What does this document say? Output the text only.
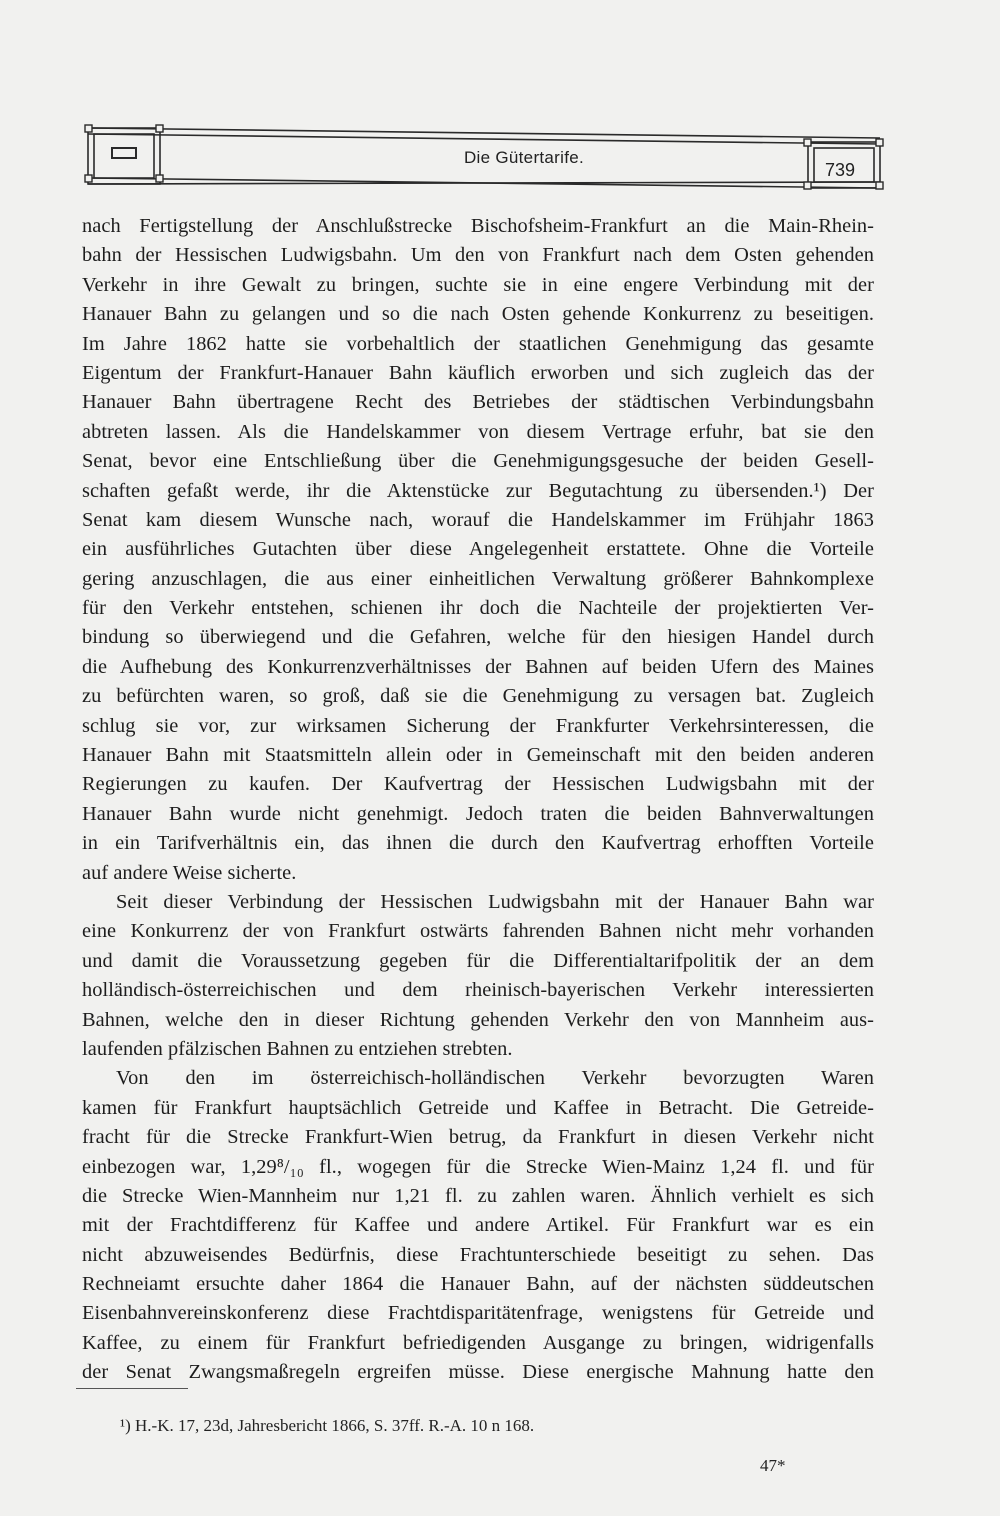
Die Gütertarife.
739
nach Fertigstellung der Anschlußstrecke Bischofsheim-Frankfurt an die Main-Rhein-
bahn der Hessischen Ludwigsbahn. Um den von Frankfurt nach dem Osten gehenden
Verkehr in ihre Gewalt zu bringen, suchte sie in eine engere Verbindung mit der
Hanauer Bahn zu gelangen und so die nach Osten gehende Konkurrenz zu beseitigen.
Im Jahre 1862 hatte sie vorbehaltlich der staatlichen Genehmigung das gesamte
Eigentum der Frankfurt-Hanauer Bahn käuflich erworben und sich zugleich das der
Hanauer Bahn übertragene Recht des Betriebes der städtischen Verbindungsbahn
abtreten lassen. Als die Handelskammer von diesem Vertrage erfuhr, bat sie den
Senat, bevor eine Entschließung über die Genehmigungsgesuche der beiden Gesell-
schaften gefaßt werde, ihr die Aktenstücke zur Begutachtung zu übersenden.¹) Der
Senat kam diesem Wunsche nach, worauf die Handelskammer im Frühjahr 1863
ein ausführliches Gutachten über diese Angelegenheit erstattete. Ohne die Vorteile
gering anzuschlagen, die aus einer einheitlichen Verwaltung größerer Bahnkomplexe
für den Verkehr entstehen, schienen ihr doch die Nachteile der projektierten Ver-
bindung so überwiegend und die Gefahren, welche für den hiesigen Handel durch
die Aufhebung des Konkurrenzverhältnisses der Bahnen auf beiden Ufern des Maines
zu befürchten waren, so groß, daß sie die Genehmigung zu versagen bat. Zugleich
schlug sie vor, zur wirksamen Sicherung der Frankfurter Verkehrsinteressen, die
Hanauer Bahn mit Staatsmitteln allein oder in Gemeinschaft mit den beiden anderen
Regierungen zu kaufen. Der Kaufvertrag der Hessischen Ludwigsbahn mit der
Hanauer Bahn wurde nicht genehmigt. Jedoch traten die beiden Bahnverwaltungen
in ein Tarifverhältnis ein, das ihnen die durch den Kaufvertrag erhofften Vorteile
auf andere Weise sicherte.
Seit dieser Verbindung der Hessischen Ludwigsbahn mit der Hanauer Bahn war
eine Konkurrenz der von Frankfurt ostwärts fahrenden Bahnen nicht mehr vorhanden
und damit die Voraussetzung gegeben für die Differentialtarifpolitik der an dem
holländisch-österreichischen und dem rheinisch-bayerischen Verkehr interessierten
Bahnen, welche den in dieser Richtung gehenden Verkehr den von Mannheim aus-
laufenden pfälzischen Bahnen zu entziehen strebten.
Von den im österreichisch-holländischen Verkehr bevorzugten Waren
kamen für Frankfurt hauptsächlich Getreide und Kaffee in Betracht. Die Getreide-
fracht für die Strecke Frankfurt-Wien betrug, da Frankfurt in diesen Verkehr nicht
einbezogen war, 1,29⁸/₁₀ fl., wogegen für die Strecke Wien-Mainz 1,24 fl. und für
die Strecke Wien-Mannheim nur 1,21 fl. zu zahlen waren. Ähnlich verhielt es sich
mit der Frachtdifferenz für Kaffee und andere Artikel. Für Frankfurt war es ein
nicht abzuweisendes Bedürfnis, diese Frachtunterschiede beseitigt zu sehen. Das
Rechneiamt ersuchte daher 1864 die Hanauer Bahn, auf der nächsten süddeutschen
Eisenbahnvereinskonferenz diese Frachtdisparitätenfrage, wenigstens für Getreide und
Kaffee, zu einem für Frankfurt befriedigenden Ausgange zu bringen, widrigenfalls
der Senat Zwangsmaßregeln ergreifen müsse. Diese energische Mahnung hatte den
¹) H.-K. 17, 23d, Jahresbericht 1866, S. 37ff. R.-A. 10 n 168.
47*
